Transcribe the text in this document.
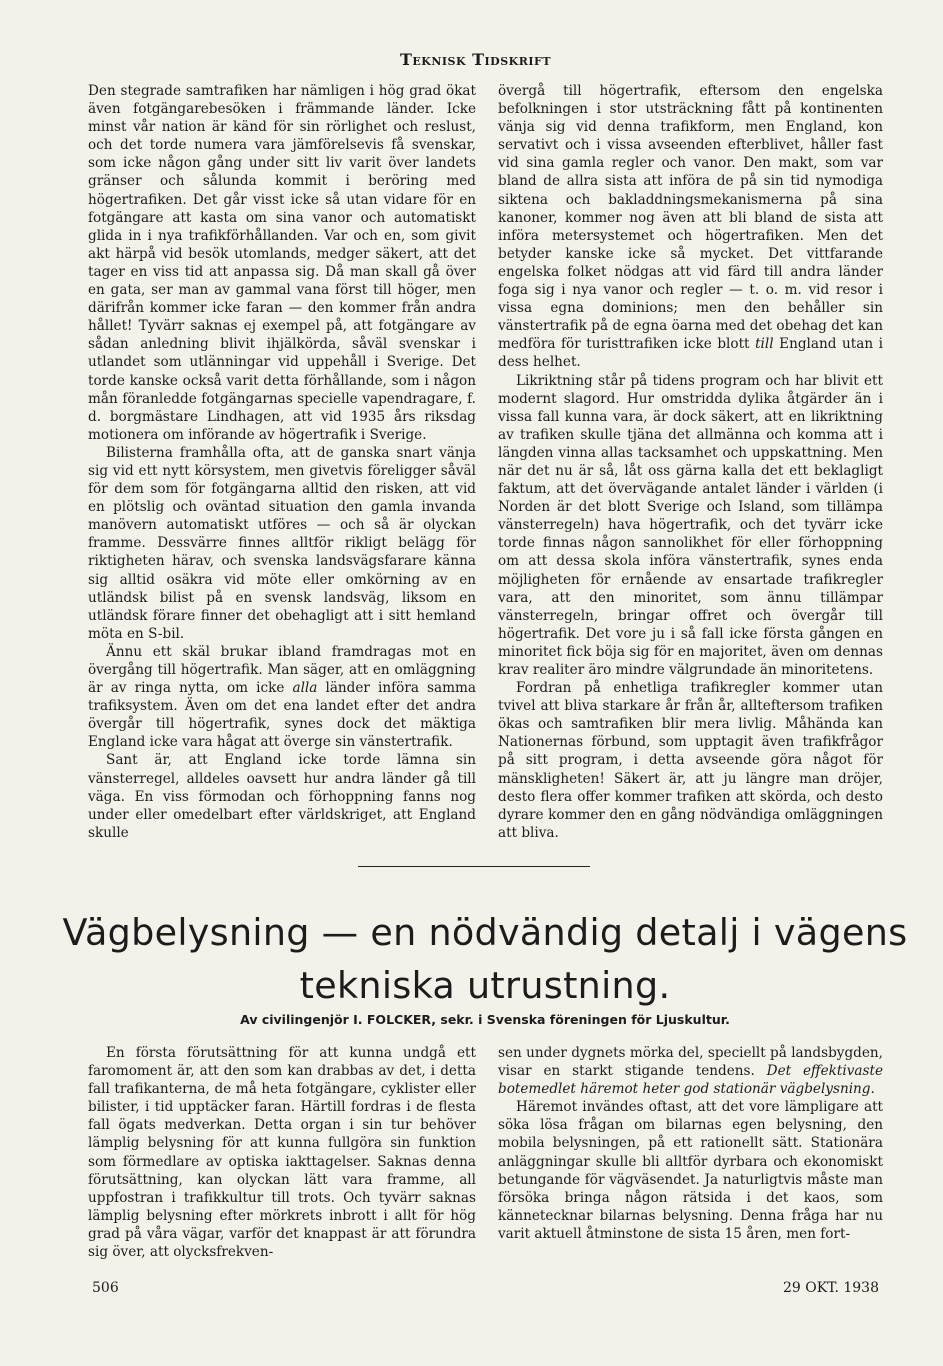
Teknisk Tidskrift

Den stegrade samtrafiken har nämligen i hög grad ökat även fotgängarebesöken i främmande länder. Icke minst vår nation är känd för sin rörlighet och reslust, och det torde numera vara jämförelsevis få svenskar, som icke någon gång under sitt liv varit över landets gränser och sålunda kommit i beröring med högertrafiken. Det går visst icke så utan vidare för en fotgängare att kasta om sina vanor och automatiskt glida in i nya trafikförhållanden. Var och en, som givit akt härpå vid besök utomlands, medger säkert, att det tager en viss tid att anpassa sig. Då man skall gå över en gata, ser man av gammal vana först till höger, men därifrån kommer icke faran — den kommer från andra hållet! Tyvärr saknas ej exempel på, att fotgängare av sådan anledning blivit ihjälkörda, såväl svenskar i utlandet som utlänningar vid uppehåll i Sverige. Det torde kanske också varit detta förhållande, som i någon mån föranledde fotgängarnas specielle vapendragare, f. d. borgmästare Lindhagen, att vid 1935 års riksdag motionera om införande av högertrafik i Sverige.

Bilisterna framhålla ofta, att de ganska snart vänja sig vid ett nytt körsystem, men givetvis föreligger såväl för dem som för fotgängarna alltid den risken, att vid en plötslig och oväntad situation den gamla invanda manövern automatiskt utföres — och så är olyckan framme. Dessvärre finnes alltför rikligt belägg för riktigheten härav, och svenska landsvägsfarare känna sig alltid osäkra vid möte eller omkörning av en utländsk bilist på en svensk landsväg, liksom en utländsk förare finner det obehagligt att i sitt hemland möta en S-bil.

Ännu ett skäl brukar ibland framdragas mot en övergång till högertrafik. Man säger, att en omläggning är av ringa nytta, om icke alla länder införa samma trafiksystem. Även om det ena landet efter det andra övergår till högertrafik, synes dock det mäktiga England icke vara hågat att överge sin vänstertrafik.

Sant är, att England icke torde lämna sin vänsterregel, alldeles oavsett hur andra länder gå till väga. En viss förmodan och förhoppning fanns nog under eller omedelbart efter världskriget, att England skulle

övergå till högertrafik, eftersom den engelska befolkningen i stor utsträckning fått på kontinenten vänja sig vid denna trafikform, men England, kon servativt och i vissa avseenden efterblivet, håller fast vid sina gamla regler och vanor. Den makt, som var bland de allra sista att införa de på sin tid nymodiga siktena och bakladdningsmekanismerna på sina kanoner, kommer nog även att bli bland de sista att införa metersystemet och högertrafiken. Men det betyder kanske icke så mycket. Det vittfarande engelska folket nödgas att vid färd till andra länder foga sig i nya vanor och regler — t. o. m. vid resor i vissa egna dominions; men den behåller sin vänstertrafik på de egna öarna med det obehag det kan medföra för turisttrafiken icke blott till England utan i dess helhet.

Likriktning står på tidens program och har blivit ett modernt slagord. Hur omstridda dylika åtgärder än i vissa fall kunna vara, är dock säkert, att en likriktning av trafiken skulle tjäna det allmänna och komma att i längden vinna allas tacksamhet och uppskattning. Men när det nu är så, låt oss gärna kalla det ett beklagligt faktum, att det övervägande antalet länder i världen (i Norden är det blott Sverige och Island, som tillämpa vänsterregeln) hava högertrafik, och det tyvärr icke torde finnas någon sannolikhet för eller förhoppning om att dessa skola införa vänstertrafik, synes enda möjligheten för ernående av ensartade trafikregler vara, att den minoritet, som ännu tillämpar vänsterregeln, bringar offret och övergår till högertrafik. Det vore ju i så fall icke första gången en minoritet fick böja sig för en majoritet, även om dennas krav realiter äro mindre välgrundade än minoritetens.

Fordran på enhetliga trafikregler kommer utan tvivel att bliva starkare år från år, allteftersom trafiken ökas och samtrafiken blir mera livlig. Måhända kan Nationernas förbund, som upptagit även trafikfrågor på sitt program, i detta avseende göra något för mänskligheten! Säkert är, att ju längre man dröjer, desto flera offer kommer trafiken att skörda, och desto dyrare kommer den en gång nödvändiga omläggningen att bliva.

Vägbelysning — en nödvändig detalj i vägens
tekniska utrustning.
Av civilingenjör I. FOLCKER, sekr. i Svenska föreningen för Ljuskultur.

En första förutsättning för att kunna undgå ett faromoment är, att den som kan drabbas av det, i detta fall trafikanterna, de må heta fotgängare, cyklister eller bilister, i tid upptäcker faran. Härtill fordras i de flesta fall ögats medverkan. Detta organ i sin tur behöver lämplig belysning för att kunna fullgöra sin funktion som förmedlare av optiska iakttagelser. Saknas denna förutsättning, kan olyckan lätt vara framme, all uppfostran i trafikkultur till trots. Och tyvärr saknas lämplig belysning efter mörkrets inbrott i allt för hög grad på våra vägar, varför det knappast är att förundra sig över, att olycksfrekven-

sen under dygnets mörka del, speciellt på landsbygden, visar en starkt stigande tendens. Det effektivaste botemedlet häremot heter god stationär vägbelysning.

Häremot invändes oftast, att det vore lämpligare att söka lösa frågan om bilarnas egen belysning, den mobila belysningen, på ett rationellt sätt. Stationära anläggningar skulle bli alltför dyrbara och ekonomiskt betungande för vägväsendet. Ja naturligtvis måste man försöka bringa någon rätsida i det kaos, som kännetecknar bilarnas belysning. Denna fråga har nu varit aktuell åtminstone de sista 15 åren, men fort-

506	29 OKT. 1938
